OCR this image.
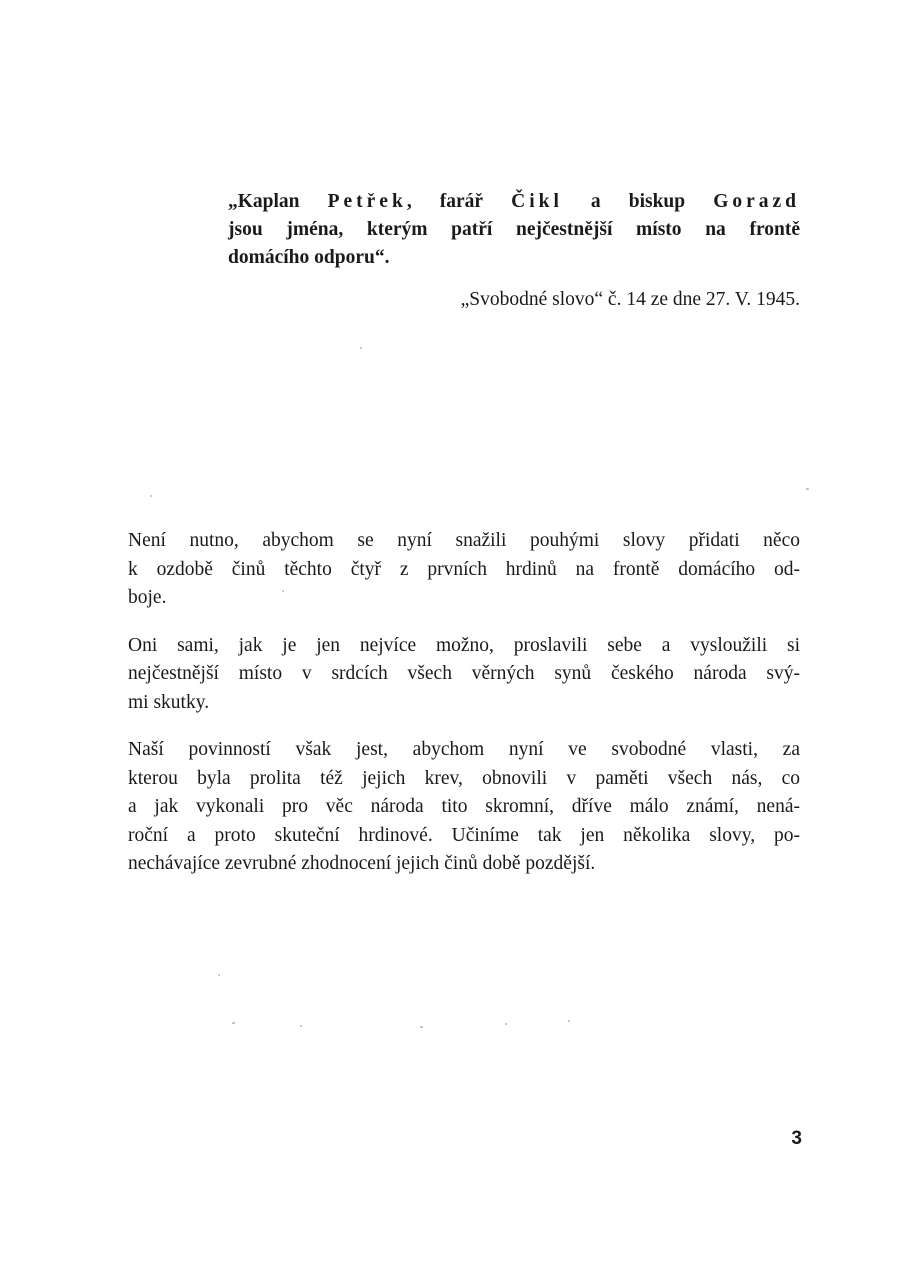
„Kaplan Petřek, farář Čikl a biskup Gorazd
jsou jména, kterým patří nejčestnější místo na frontě
domácího odporu“.
„Svobodné slovo“ č. 14 ze dne 27. V. 1945.

Není nutno, abychom se nyní snažili pouhými slovy přidati něco
k ozdobě činů těchto čtyř z prvních hrdinů na frontě domácího od-
boje.

Oni sami, jak je jen nejvíce možno, proslavili sebe a vysloužili si
nejčestnější místo v srdcích všech věrných synů českého národa svý-
mi skutky.

Naší povinností však jest, abychom nyní ve svobodné vlasti, za
kterou byla prolita též jejich krev, obnovili v paměti všech nás, co
a jak vykonali pro věc národa tito skromní, dříve málo známí, nená-
roční a proto skuteční hrdinové. Učiníme tak jen několika slovy, po-
nechávajíce zevrubné zhodnocení jejich činů době pozdější.

3
